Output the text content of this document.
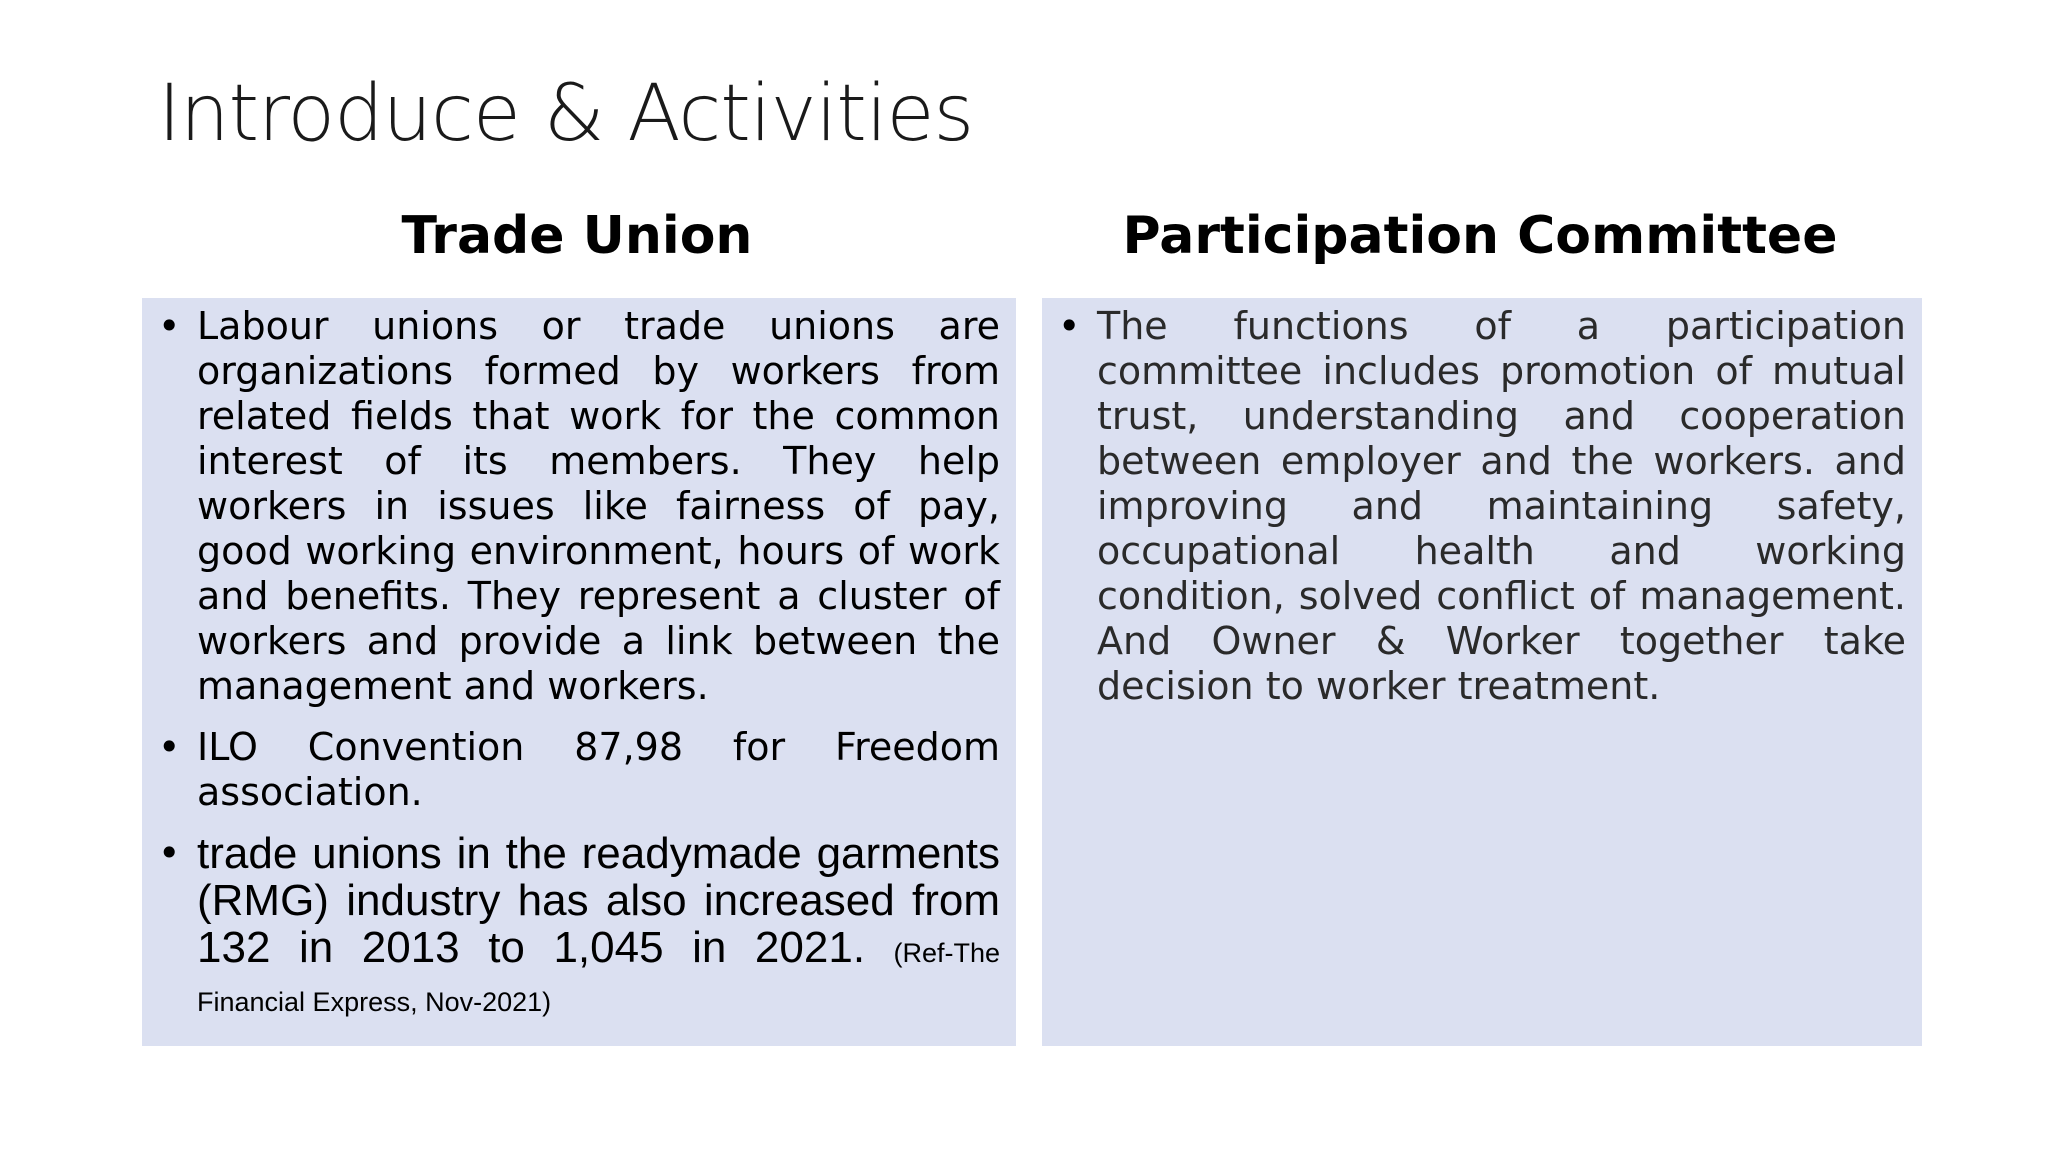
Introduce & Activities
Trade Union	Participation Committee
• Labour unions or trade unions are organizations formed by workers from related fields that work for the common interest of its members. They help workers in issues like fairness of pay, good working environment, hours of work and benefits. They represent a cluster of workers and provide a link between the management and workers.

• ILO Convention 87,98 for Freedom association.

• trade unions in the readymade garments (RMG) industry has also increased from 132 in 2013 to 1,045 in 2021. (Ref-The Financial Express, Nov-2021)

• The functions of a participation committee includes promotion of mutual trust, understanding and cooperation between employer and the workers. and improving and maintaining safety, occupational health and working condition, solved conflict of management. And Owner & Worker together take decision to worker treatment.
